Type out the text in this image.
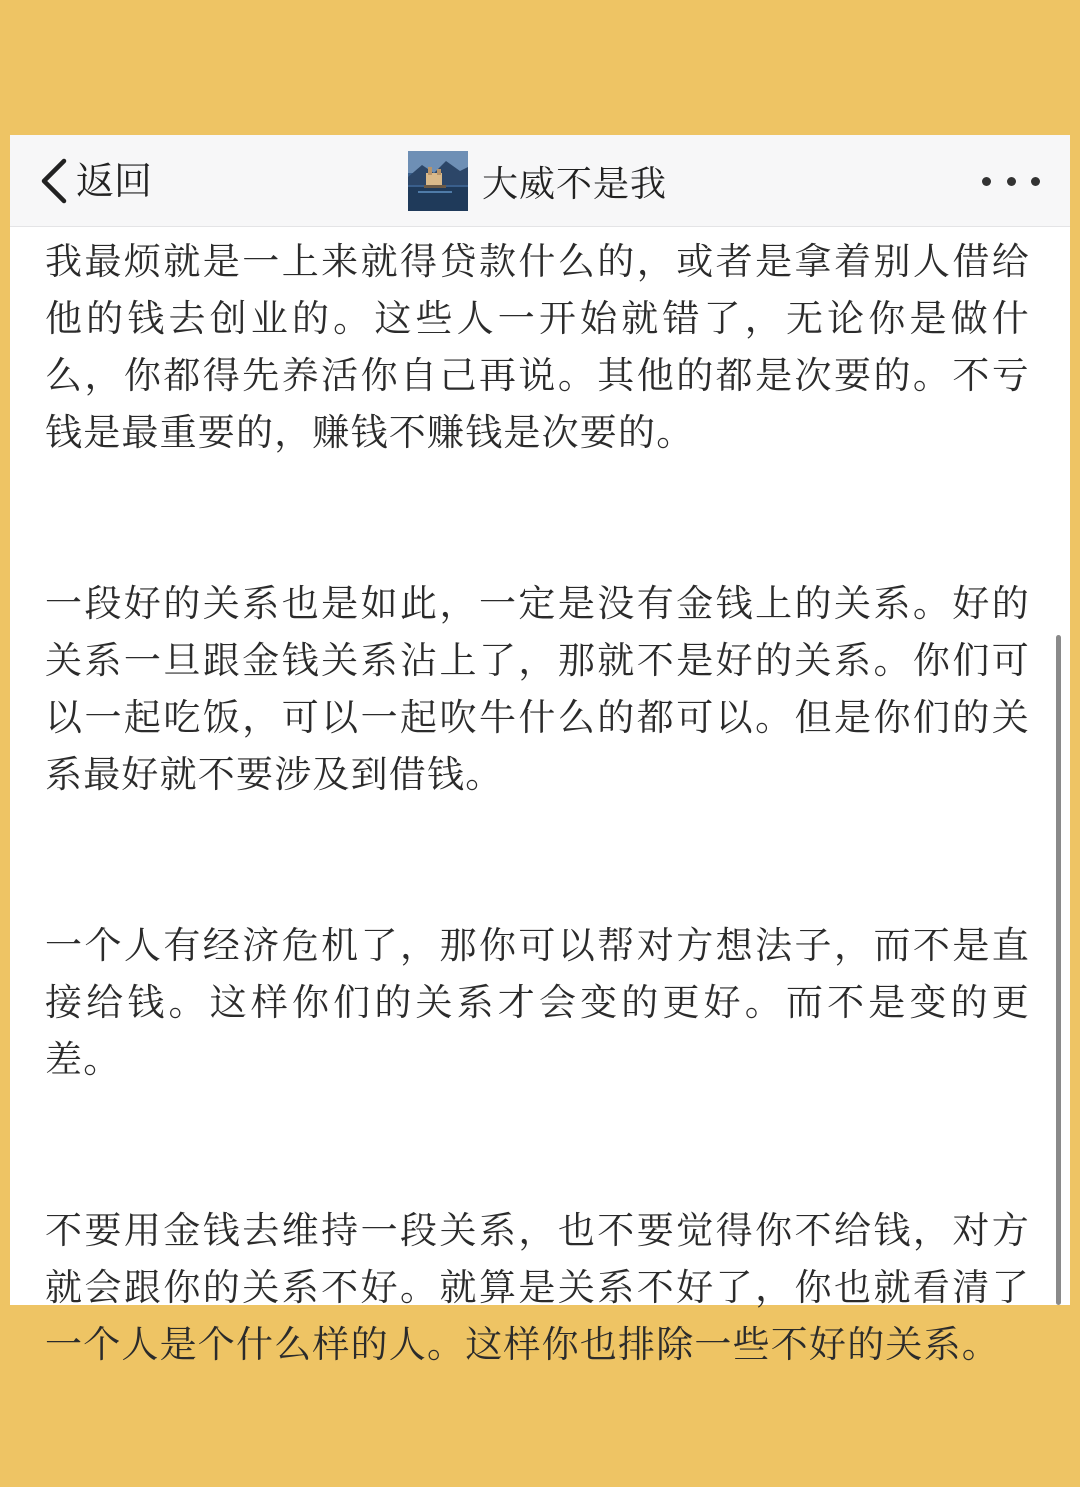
返回	大威不是我

我最烦就是一上来就得贷款什么的，或者是拿着别人借给他的钱去创业的。这些人一开始就错了，无论你是做什么，你都得先养活你自己再说。其他的都是次要的。不亏钱是最重要的，赚钱不赚钱是次要的。

一段好的关系也是如此，一定是没有金钱上的关系。好的关系一旦跟金钱关系沾上了，那就不是好的关系。你们可以一起吃饭，可以一起吹牛什么的都可以。但是你们的关系最好就不要涉及到借钱。

一个人有经济危机了，那你可以帮对方想法子，而不是直接给钱。这样你们的关系才会变的更好。而不是变的更差。

不要用金钱去维持一段关系，也不要觉得你不给钱，对方就会跟你的关系不好。就算是关系不好了，你也就看清了一个人是个什么样的人。这样你也排除一些不好的关系。
